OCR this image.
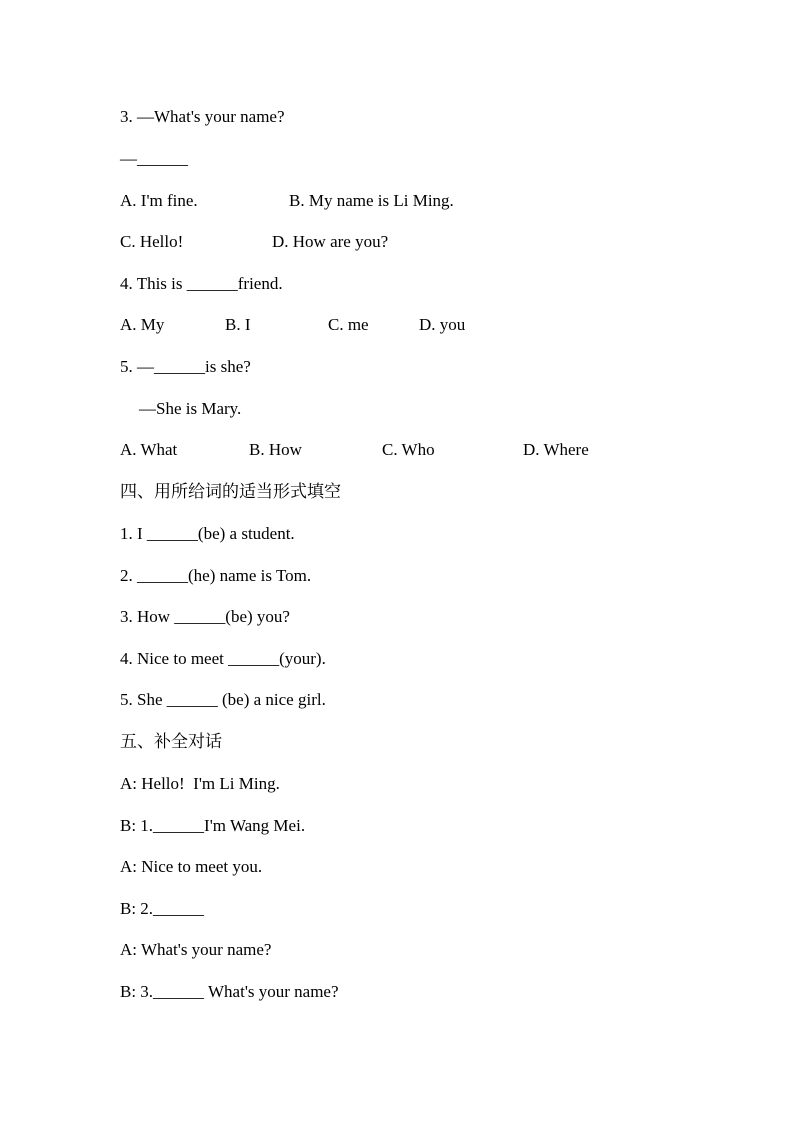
3. —What's your name?
—______
A. I'm fine.	B. My name is Li Ming.
C. Hello!	D. How are you?
4. This is ______friend.
A. My	B. I	C. me	D. you
5. —______is she?
—She is Mary.
A. What	B. How	C. Who	D. Where
四、用所给词的适当形式填空
1. I ______(be) a student.
2. ______(he) name is Tom.
3. How ______(be) you?
4. Nice to meet ______(your).
5. She ______ (be) a nice girl.
五、补全对话
A: Hello!  I'm Li Ming.
B: 1.______I'm Wang Mei.
A: Nice to meet you.
B: 2.______
A: What's your name?
B: 3.______ What's your name?
